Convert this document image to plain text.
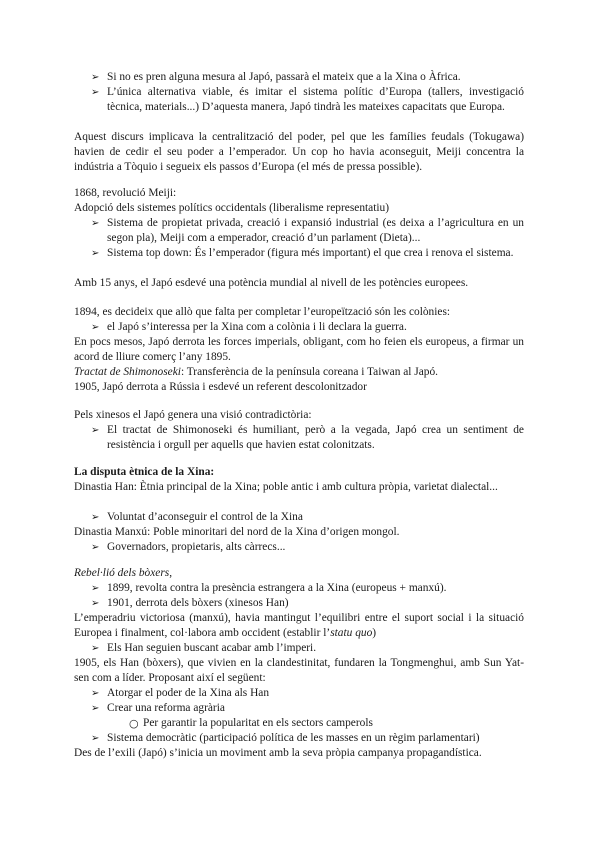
➢ Si no es pren alguna mesura al Japó, passarà el mateix que a la Xina o Àfrica.
➢ L’única alternativa viable, és imitar el sistema polític d’Europa (tallers, investigació tècnica, materials...) D’aquesta manera, Japó tindrà les mateixes capacitats que Europa.
Aquest discurs implicava la centralització del poder, pel que les famílies feudals (Tokugawa) havien de cedir el seu poder a l’emperador. Un cop ho havia aconseguit, Meiji concentra la indústria a Tòquio i segueix els passos d’Europa (el més de pressa possible).
1868, revolució Meiji:
Adopció dels sistemes polítics occidentals (liberalisme representatiu)
➢ Sistema de propietat privada, creació i expansió industrial (es deixa a l’agricultura en un segon pla), Meiji com a emperador, creació d’un parlament (Dieta)...
➢ Sistema top down: És l’emperador (figura més important) el que crea i renova el sistema.
Amb 15 anys, el Japó esdevé una potència mundial al nivell de les potències europees.
1894, es decideix que allò que falta per completar l’europeïtzació són les colònies:
➢ el Japó s’interessa per la Xina com a colònia i li declara la guerra.
En pocs mesos, Japó derrota les forces imperials, obligant, com ho feien els europeus, a firmar un acord de lliure comerç l’any 1895.
Tractat de Shimonoseki: Transferència de la península coreana i Taiwan al Japó.
1905, Japó derrota a Rússia i esdevé un referent descolonitzador
Pels xinesos el Japó genera una visió contradictòria:
➢ El tractat de Shimonoseki és humiliant, però a la vegada, Japó crea un sentiment de resistència i orgull per aquells que havien estat colonitzats.
La disputa ètnica de la Xina:
Dinastia Han: Ètnia principal de la Xina; poble antic i amb cultura pròpia, varietat dialectal...
➢ Voluntat d’aconseguir el control de la Xina
Dinastia Manxú: Poble minoritari del nord de la Xina d’origen mongol.
➢ Governadors, propietaris, alts càrrecs...
Rebel·lió dels bòxers,
➢ 1899, revolta contra la presència estrangera a la Xina (europeus + manxú).
➢ 1901, derrota dels bòxers (xinesos Han)
L’emperadriu victoriosa (manxú), havia mantingut l’equilibri entre el suport social i la situació Europea i finalment, col·labora amb occident (establir l’statu quo)
➢ Els Han seguien buscant acabar amb l’imperi.
1905, els Han (bòxers), que vivien en la clandestinitat, fundaren la Tongmenghui, amb Sun Yat-sen com a líder. Proposant així el següent:
➢ Atorgar el poder de la Xina als Han
➢ Crear una reforma agrària
○ Per garantir la popularitat en els sectors camperols
➢ Sistema democràtic (participació política de les masses en un règim parlamentari)
Des de l’exili (Japó) s’inicia un moviment amb la seva pròpia campanya propagandística.
